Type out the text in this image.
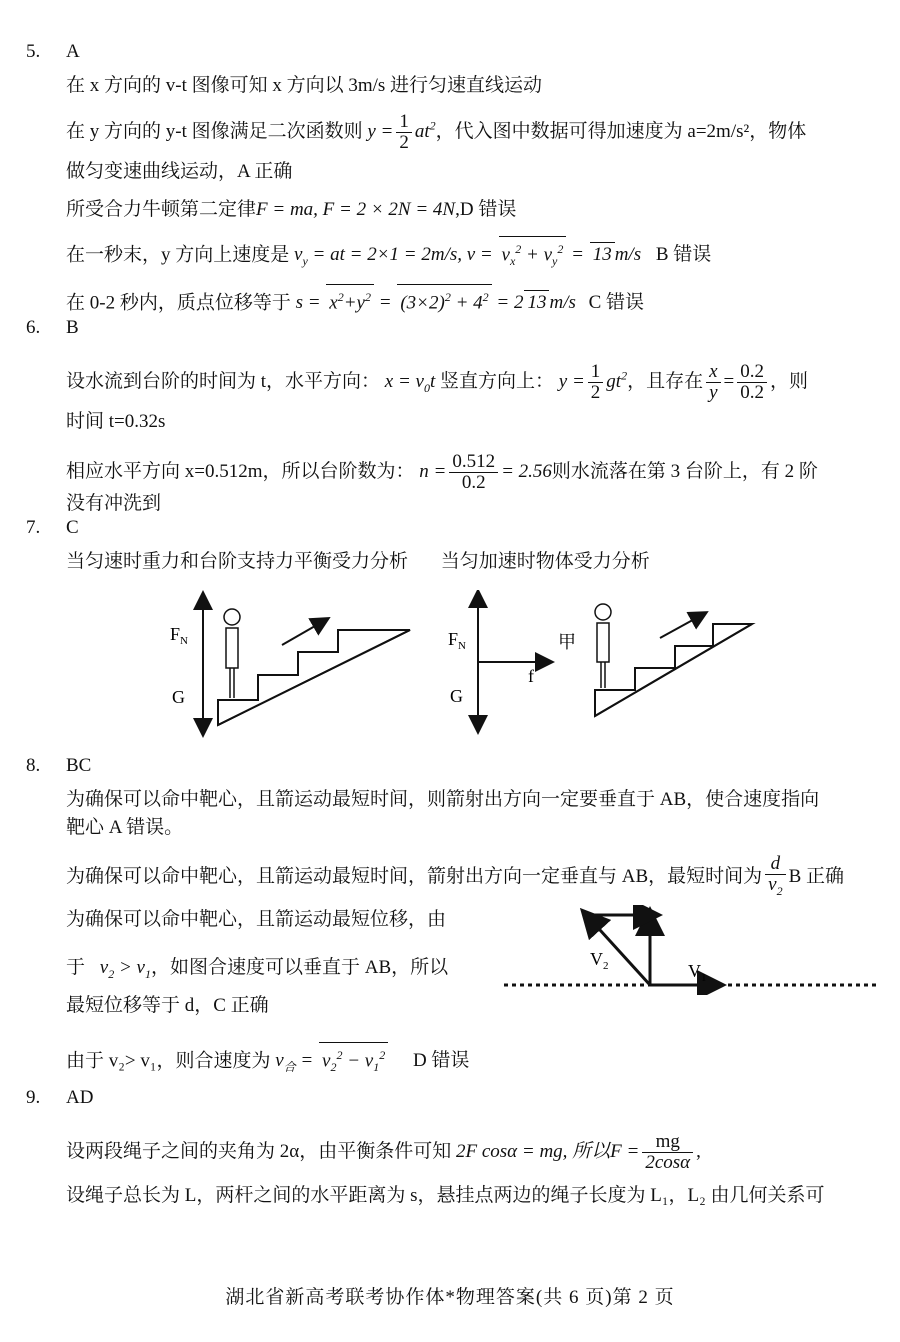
5. A
在 x 方向的 v-t 图像可知 x 方向以 3m/s 进行匀速直线运动
在 y 方向的 y-t 图像满足二次函数则 $y = \frac{1}{2} at^2$，代入图中数据可得加速度为 a=2m/s²，物体
做匀变速曲线运动，A 正确
所受合力牛顿第二定律F = ma, F = 2 × 2N = 4N,D 错误
在一秒末，y 方向上速度是 $v_y$ = at = 2×1 = 2m/s, $v = v_x^2 + v_y^2 = 13$ m/s B 错误
在 0-2 秒内，质点位移等于 $s = x^2+y^2 = (3\times 2)^2 + 4^2 = 2$ 13 m/s C 错误
6. B
设水流到台阶的时间为 t，水平方向： $x = v_0t$ 竖直方向上： $y = \frac{1}{2} gt^2$，且存在 $\frac{x}{y} = \frac{0.2}{0.2}$ ，则
时间 t=0.32s
相应水平方向 x=0.512m，所以台阶数为： $n = \frac{0.512}{0.2} = 2.56$则水流落在第 3 台阶上，有 2 阶
没有冲洗到
7. C
当匀速时重力和台阶支持力平衡受力分析 当匀加速时物体受力分析
$F_N$
G
$F_N$
G
f
甲
8. BC
为确保可以命中靶心，且箭运动最短时间，则箭射出方向一定要垂直于 AB，使合速度指向
靶心 A 错误。
为确保可以命中靶心，且箭运动最短时间，箭射出方向一定垂直与 AB，最短时间为 $\frac{d}{v_2}$ B 正确
为确保可以命中靶心，且箭运动最短位移，由
于 $v_2 > v_1$，如图合速度可以垂直于 AB，所以
最短位移等于 d，C 正确
$V_2$	$V_1$
由于 v₂> v₁，则合速度为 $v_合 = v_2^2 - v_1^2$ D 错误
9. AD
设两段绳子之间的夹角为 2α，由平衡条件可知 2F cosα = mg, 所以$F = \frac{mg}{2\cos\alpha}$ ,
设绳子总长为 L，两杆之间的水平距离为 s，悬挂点两边的绳子长度为 L₁，L₂ 由几何关系可
湖北省新高考联考协作体*物理答案(共 6 页)第 2 页
